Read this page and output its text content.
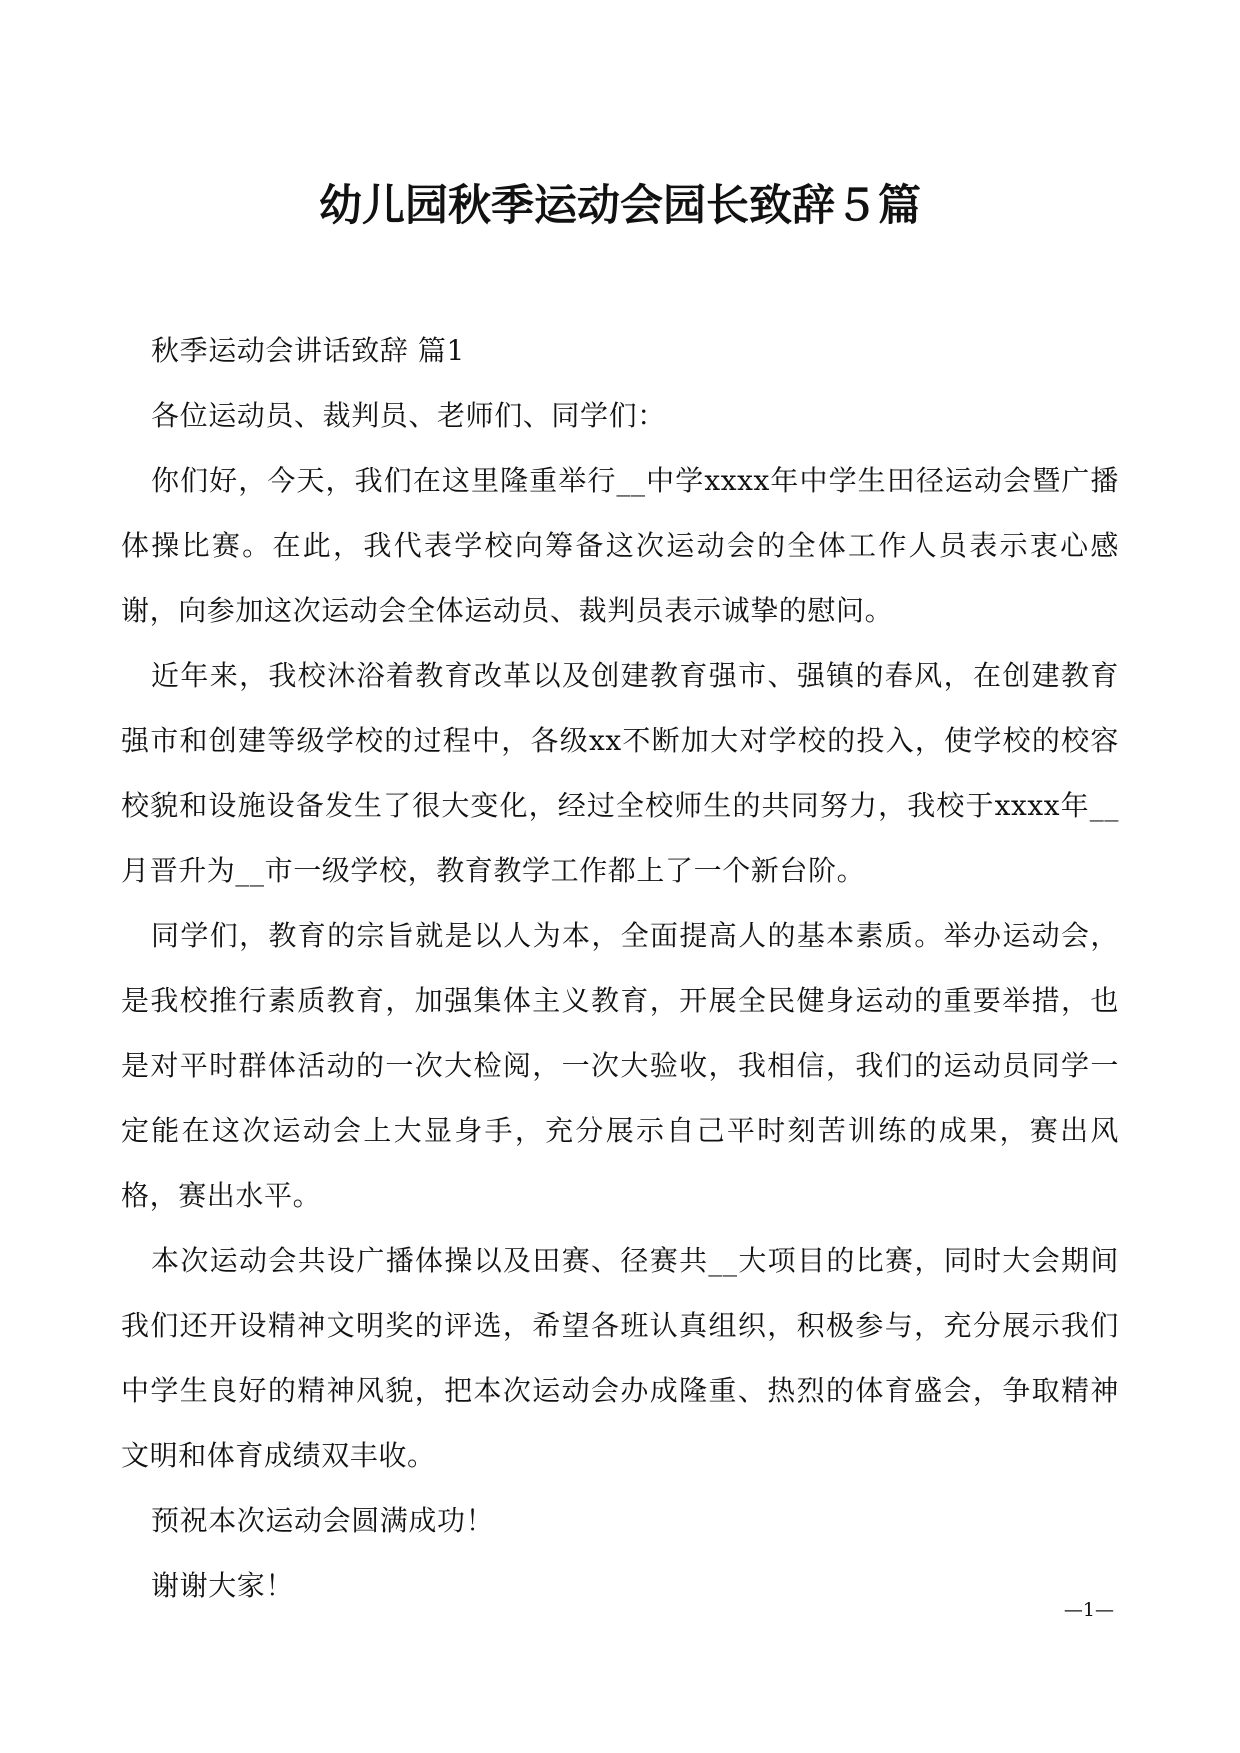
幼儿园秋季运动会园长致辞５篇

秋季运动会讲话致辞 篇1

各位运动员、裁判员、老师们、同学们：

你们好，今天，我们在这里隆重举行__中学xxxx年中学生田径运动会暨广播体操比赛。在此，我代表学校向筹备这次运动会的全体工作人员表示衷心感谢，向参加这次运动会全体运动员、裁判员表示诚挚的慰问。

近年来，我校沐浴着教育改革以及创建教育强市、强镇的春风，在创建教育强市和创建等级学校的过程中，各级xx不断加大对学校的投入，使学校的校容校貌和设施设备发生了很大变化，经过全校师生的共同努力，我校于xxxx年__月晋升为__市一级学校，教育教学工作都上了一个新台阶。

同学们，教育的宗旨就是以人为本，全面提高人的基本素质。举办运动会，是我校推行素质教育，加强集体主义教育，开展全民健身运动的重要举措，也是对平时群体活动的一次大检阅，一次大验收，我相信，我们的运动员同学一定能在这次运动会上大显身手，充分展示自己平时刻苦训练的成果，赛出风格，赛出水平。

本次运动会共设广播体操以及田赛、径赛共__大项目的比赛，同时大会期间我们还开设精神文明奖的评选，希望各班认真组织，积极参与，充分展示我们中学生良好的精神风貌，把本次运动会办成隆重、热烈的体育盛会，争取精神文明和体育成绩双丰收。

预祝本次运动会圆满成功！

谢谢大家！

—1—
